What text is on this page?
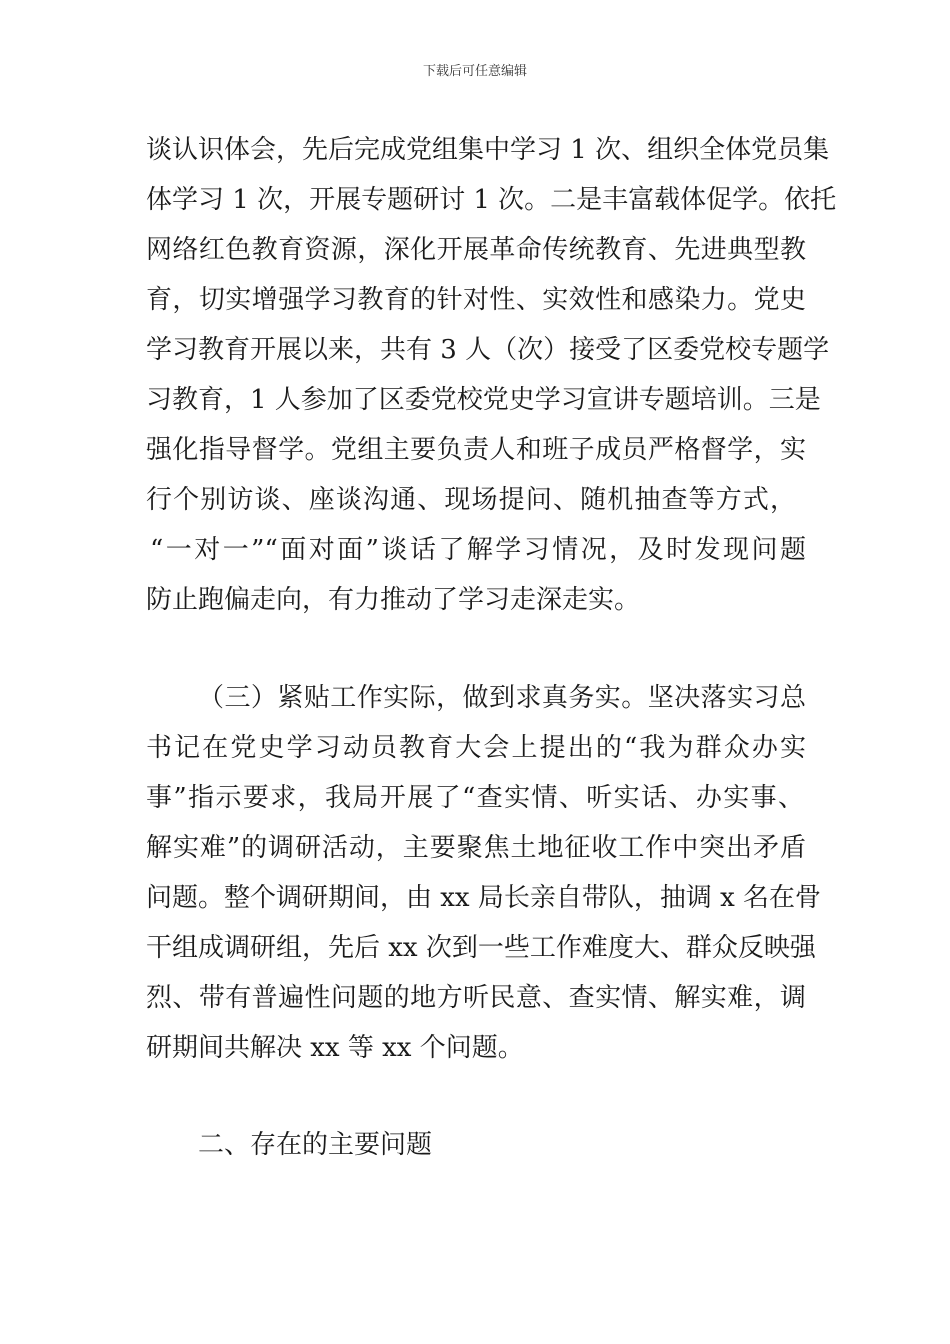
下载后可任意编辑
谈认识体会，先后完成党组集中学习 1 次、组织全体党员集
体学习 1 次，开展专题研讨 1 次。二是丰富载体促学。依托
网络红色教育资源，深化开展革命传统教育、先进典型教
育，切实增强学习教育的针对性、实效性和感染力。党史
学习教育开展以来，共有 3 人（次）接受了区委党校专题学
习教育，1 人参加了区委党校党史学习宣讲专题培训。三是
强化指导督学。党组主要负责人和班子成员严格督学，实
行个别访谈、座谈沟通、现场提问、随机抽查等方式，
“一对一”“面对面”谈话了解学习情况，及时发现问题
防止跑偏走向，有力推动了学习走深走实。
（三）紧贴工作实际，做到求真务实。坚决落实习总
书记在党史学习动员教育大会上提出的“我为群众办实
事”指示要求，我局开展了“查实情、听实话、办实事、
解实难”的调研活动，主要聚焦土地征收工作中突出矛盾
问题。整个调研期间，由 xx 局长亲自带队，抽调 x 名在骨
干组成调研组，先后 xx 次到一些工作难度大、群众反映强
烈、带有普遍性问题的地方听民意、查实情、解实难，调
研期间共解决 xx 等 xx 个问题。
二、存在的主要问题
